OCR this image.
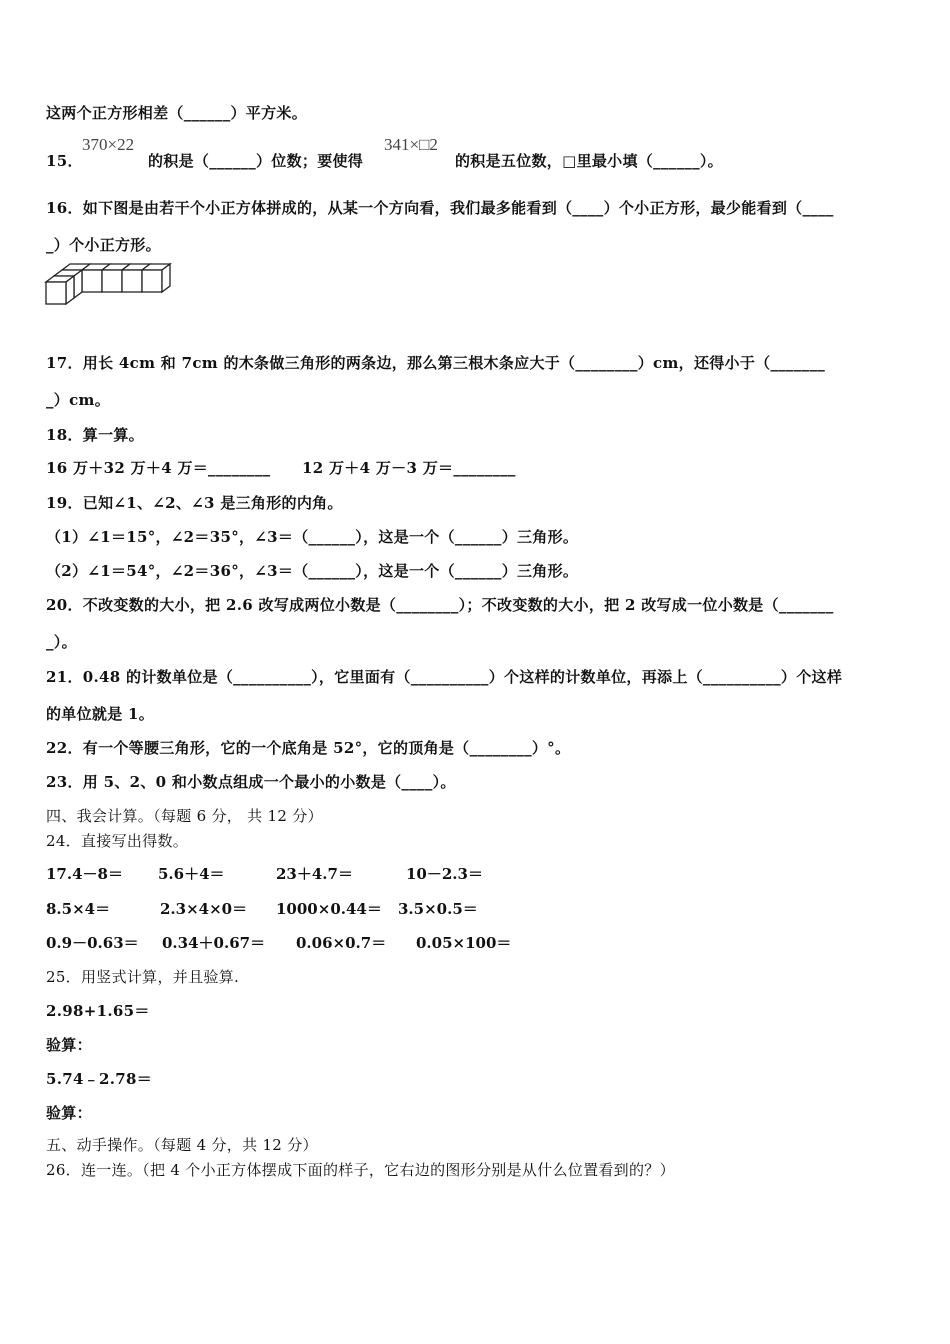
这两个正方形相差（______）平方米。
15．
370×22
的积是（______）位数；要使得
341×□2
的积是五位数，□里最小填（______）。
16．如下图是由若干个小正方体拼成的，从某一个方向看，我们最多能看到（____）个小正方形，最少能看到（____
_）个小正方形。
17．用长 4cm 和 7cm 的木条做三角形的两条边，那么第三根木条应大于（________）cm，还得小于（_______
_）cm。
18．算一算。
16 万＋32 万＋4 万＝________ 12 万＋4 万－3 万＝________
19．已知∠1、∠2、∠3 是三角形的内角。
（1）∠1＝15°，∠2＝35°，∠3＝（______），这是一个（______）三角形。
（2）∠1＝54°，∠2＝36°，∠3＝（______），这是一个（______）三角形。
20．不改变数的大小，把 2.6 改写成两位小数是（________）；不改变数的大小，把 2 改写成一位小数是（_______
_）。
21．0.48 的计数单位是（__________），它里面有（__________）个这样的计数单位，再添上（__________）个这样
的单位就是 1。
22．有一个等腰三角形，它的一个底角是 52°，它的顶角是（________）°。
23．用 5、2、0 和小数点组成一个最小的小数是（____）。
四、我会计算。（每题 6 分， 共 12 分）
24．直接写出得数。
17.4－8＝ 5.6＋4＝	23＋4.7＝	10－2.3＝
8.5×4＝	2.3×4×0＝ 1000×0.44＝ 3.5×0.5＝
0.9－0.63＝ 0.34＋0.67＝ 0.06×0.7＝ 0.05×100＝
25．用竖式计算，并且验算.
2.98+1.65＝
验算：
5.74﹣2.78＝
验算：
五、动手操作。（每题 4 分，共 12 分）
26．连一连。（把 4 个小正方体摆成下面的样子，它右边的图形分别是从什么位置看到的？）
